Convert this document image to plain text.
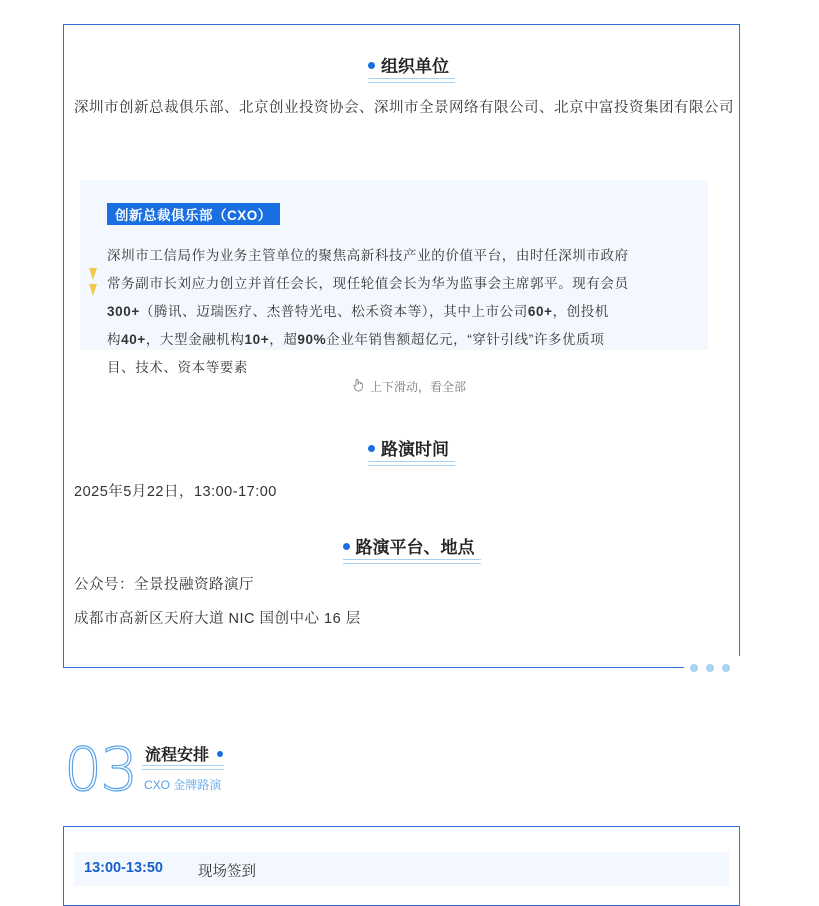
组织单位
深圳市创新总裁俱乐部、北京创业投资协会、深圳市全景网络有限公司、北京中富投资集团有限公司
创新总裁俱乐部（CXO）
深圳市工信局作为业务主管单位的聚焦高新科技产业的价值平台，由时任深圳市政府
常务副市长刘应力创立并首任会长，现任轮值会长为华为监事会主席郭平。现有会员
300+（腾讯、迈瑞医疗、杰普特光电、松禾资本等），其中上市公司60+，创投机
构40+，大型金融机构10+，超90%企业年销售额超亿元，“穿针引线”许多优质项
目、技术、资本等要素
上下滑动，看全部
路演时间
2025年5月22日，13:00-17:00
路演平台、地点
公众号：全景投融资路演厅
成都市高新区天府大道 NIC 国创中心 16 层
03 流程安排
CXO 金牌路演
13:00-13:50 现场签到
